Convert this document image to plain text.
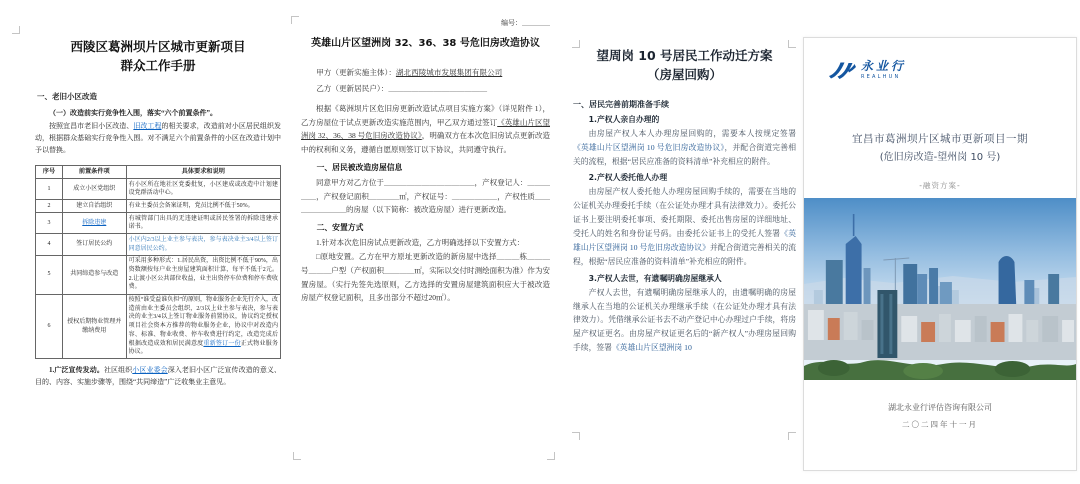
西陵区葛洲坝片区城市更新项目
群众工作手册
一、老旧小区改造

（一）改造前实行竞争性入围，落实“六个前置条件”。

按照宜昌市老旧小区改造、旧改工程的相关要求，改造前对小区居民组织发动，根据群众基础实行竞争性入围。对不满足六个前置条件的小区在改造计划中予以替换。

序号	前置条件项	具体要求和说明
1	成立小区党组织	有小区所在地社区党委批复，小区建成或改造中计划建设党群活动中心。
2	建立自治组织	有业主委员会备案证明，党员比例不低于50%。
3	拆除违建	有城管部门出具的无违建证明或居民签署的拆除违建承诺书。
4	签订居民公约	小区内2/3以上业主参与表决，参与表决业主3/4以上签订同意居民公约。
5	共同缔造参与改造	可采用多种形式：1.居民出资，出资比例不低于90%，出资数额按每户业主房屋建筑面积计算，每平不低于2元。2.让渡小区公共部位收益，业主出资停车位费和停车费收费。
6	授权后期物业管理并缴纳费用	按照“谁受益谁负担”的原则，物业服务企业先行介入，改造前由业主委员会组织，2/3以上业主参与表决，参与表决的业主3/4以上签订物业服务前置协议，协议约定授权项目社会资本方推荐的物业服务企业，协议中对改造内容、标准、物业收费、停车收费进行约定，改造完成后根据改造成效和居民满意度重新签订一份正式物业服务协议。

1.广泛宣传发动。社区组织小区业委会深入老旧小区广泛宣传改造的意义、目的、内容、实施步骤等，围绕“共同缔造”广泛收集业主意见。

编号：＿＿＿＿

英雄山片区望洲岗 32、36、38 号危旧房改造协议

甲方（更新实施主体）：湖北西陵城市发展集团有限公司

乙方（更新居民户）：＿＿＿＿＿＿＿＿＿＿＿＿＿

根据《葛洲坝片区危旧房更新改造试点项目实施方案》（详见附件 1），乙方房屋位于试点更新改造实施范围内，甲乙双方通过签订《英雄山片区望洲岗 32、36、38 号危旧房改造协议》，明确双方在本次危旧房试点更新改造中的权利和义务，遵循自愿原则签订以下协议，共同遵守执行。

一、居民被改造房屋信息

同意甲方对乙方位于＿＿＿＿＿＿＿＿＿＿＿＿，产权登记人：＿＿＿＿＿，产权登记面积＿＿＿＿㎡，产权证号：＿＿＿＿＿＿，产权性质＿＿＿＿＿＿＿＿的房屋（以下简称：被改造房屋）进行更新改造。

二、安置方式

1.针对本次危旧房试点更新改造，乙方明确选择以下安置方式：

□原地安置。乙方在甲方原址更新改造的新房屋中选择＿＿＿栋＿＿＿号＿＿＿户型（产权面积＿＿＿＿㎡，实际以交付时测绘面积为准）作为安置房屋。（实行先签先选原则，乙方选择的安置房屋建筑面积应大于被改造房屋产权登记面积，且多出部分不超过20㎡）。

望周岗 10 号居民工作动迁方案
（房屋回购）
一、居民完善前期准备手续

1.产权人亲自办理的

由房屋产权人本人办理房屋回购的，需要本人按规定签署《英雄山片区望洲岗 10 号危旧房改造协议》，并配合街道完善相关的流程，根据“居民应准备的资料清单”补充相应的附件。

2.产权人委托他人办理

由房屋产权人委托他人办理房屋回购手续的，需要在当地的公证机关办理委托手续（在公证处办理才具有法律效力）。委托公证书上要注明委托事项、委托期限、委托出售房屋的详细地址、受托人的姓名和身份证号码。由委托公证书上的受托人签署《英雄山片区望洲岗 10 号危旧房改造协议》并配合街道完善相关的流程，根据“居民应准备的资料清单”补充相应的附件。

3.产权人去世，有遗嘱明确房屋继承人

产权人去世，有遗嘱明确房屋继承人的，由遗嘱明确的房屋继承人在当地的公证机关办理继承手续（在公证处办理才具有法律效力）。凭借继承公证书去不动产登记中心办理过户手续，将房屋产权证更名。由房屋产权证更名后的“新产权人”办理房屋回购手续，签署《英雄山片区望洲岗 10

永业行
REALHUN
宜昌市葛洲坝片区城市更新项目一期
(危旧房改造-望州岗 10 号)
-融资方案-
湖北永业行评估咨询有限公司
二〇二四年十一月
